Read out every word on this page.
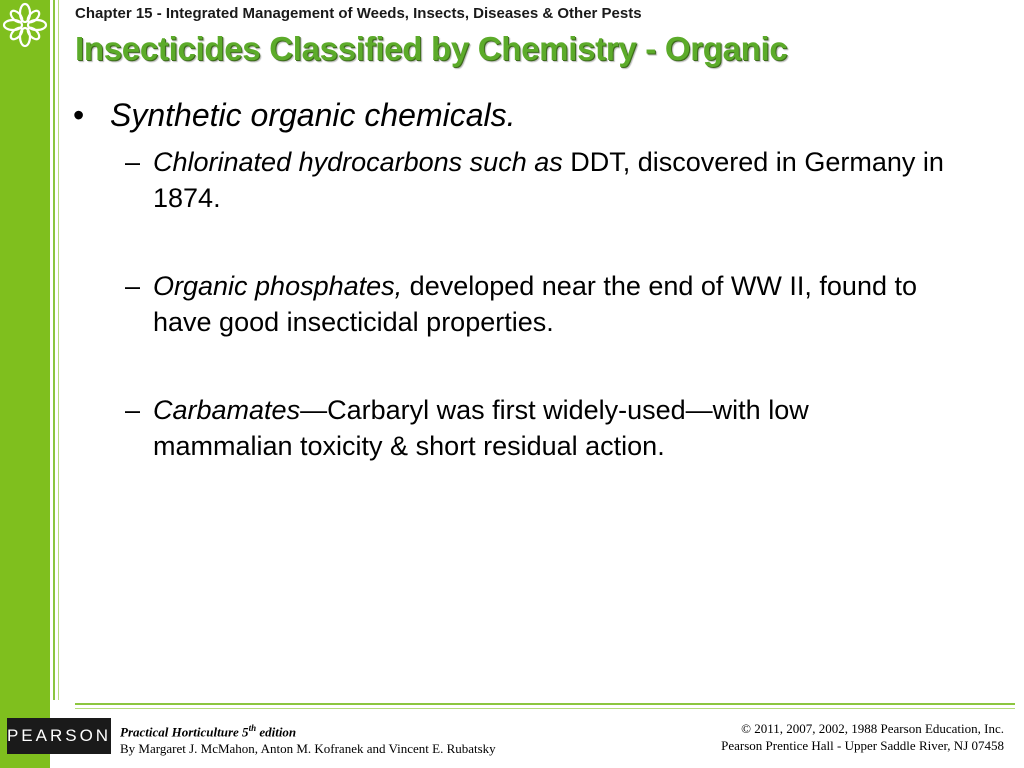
Chapter 15 - Integrated Management of Weeds, Insects, Diseases & Other Pests
Insecticides Classified by Chemistry - Organic
• Synthetic organic chemicals.
– Chlorinated hydrocarbons such as DDT, discovered in Germany in 1874.
– Organic phosphates, developed near the end of WW II, found to have good insecticidal properties.
– Carbamates—Carbaryl was first widely-used—with low mammalian toxicity & short residual action.
PEARSON Practical Horticulture 5th edition
By Margaret J. McMahon, Anton M. Kofranek and Vincent E. Rubatsky
© 2011, 2007, 2002, 1988 Pearson Education, Inc.
Pearson Prentice Hall - Upper Saddle River, NJ 07458
